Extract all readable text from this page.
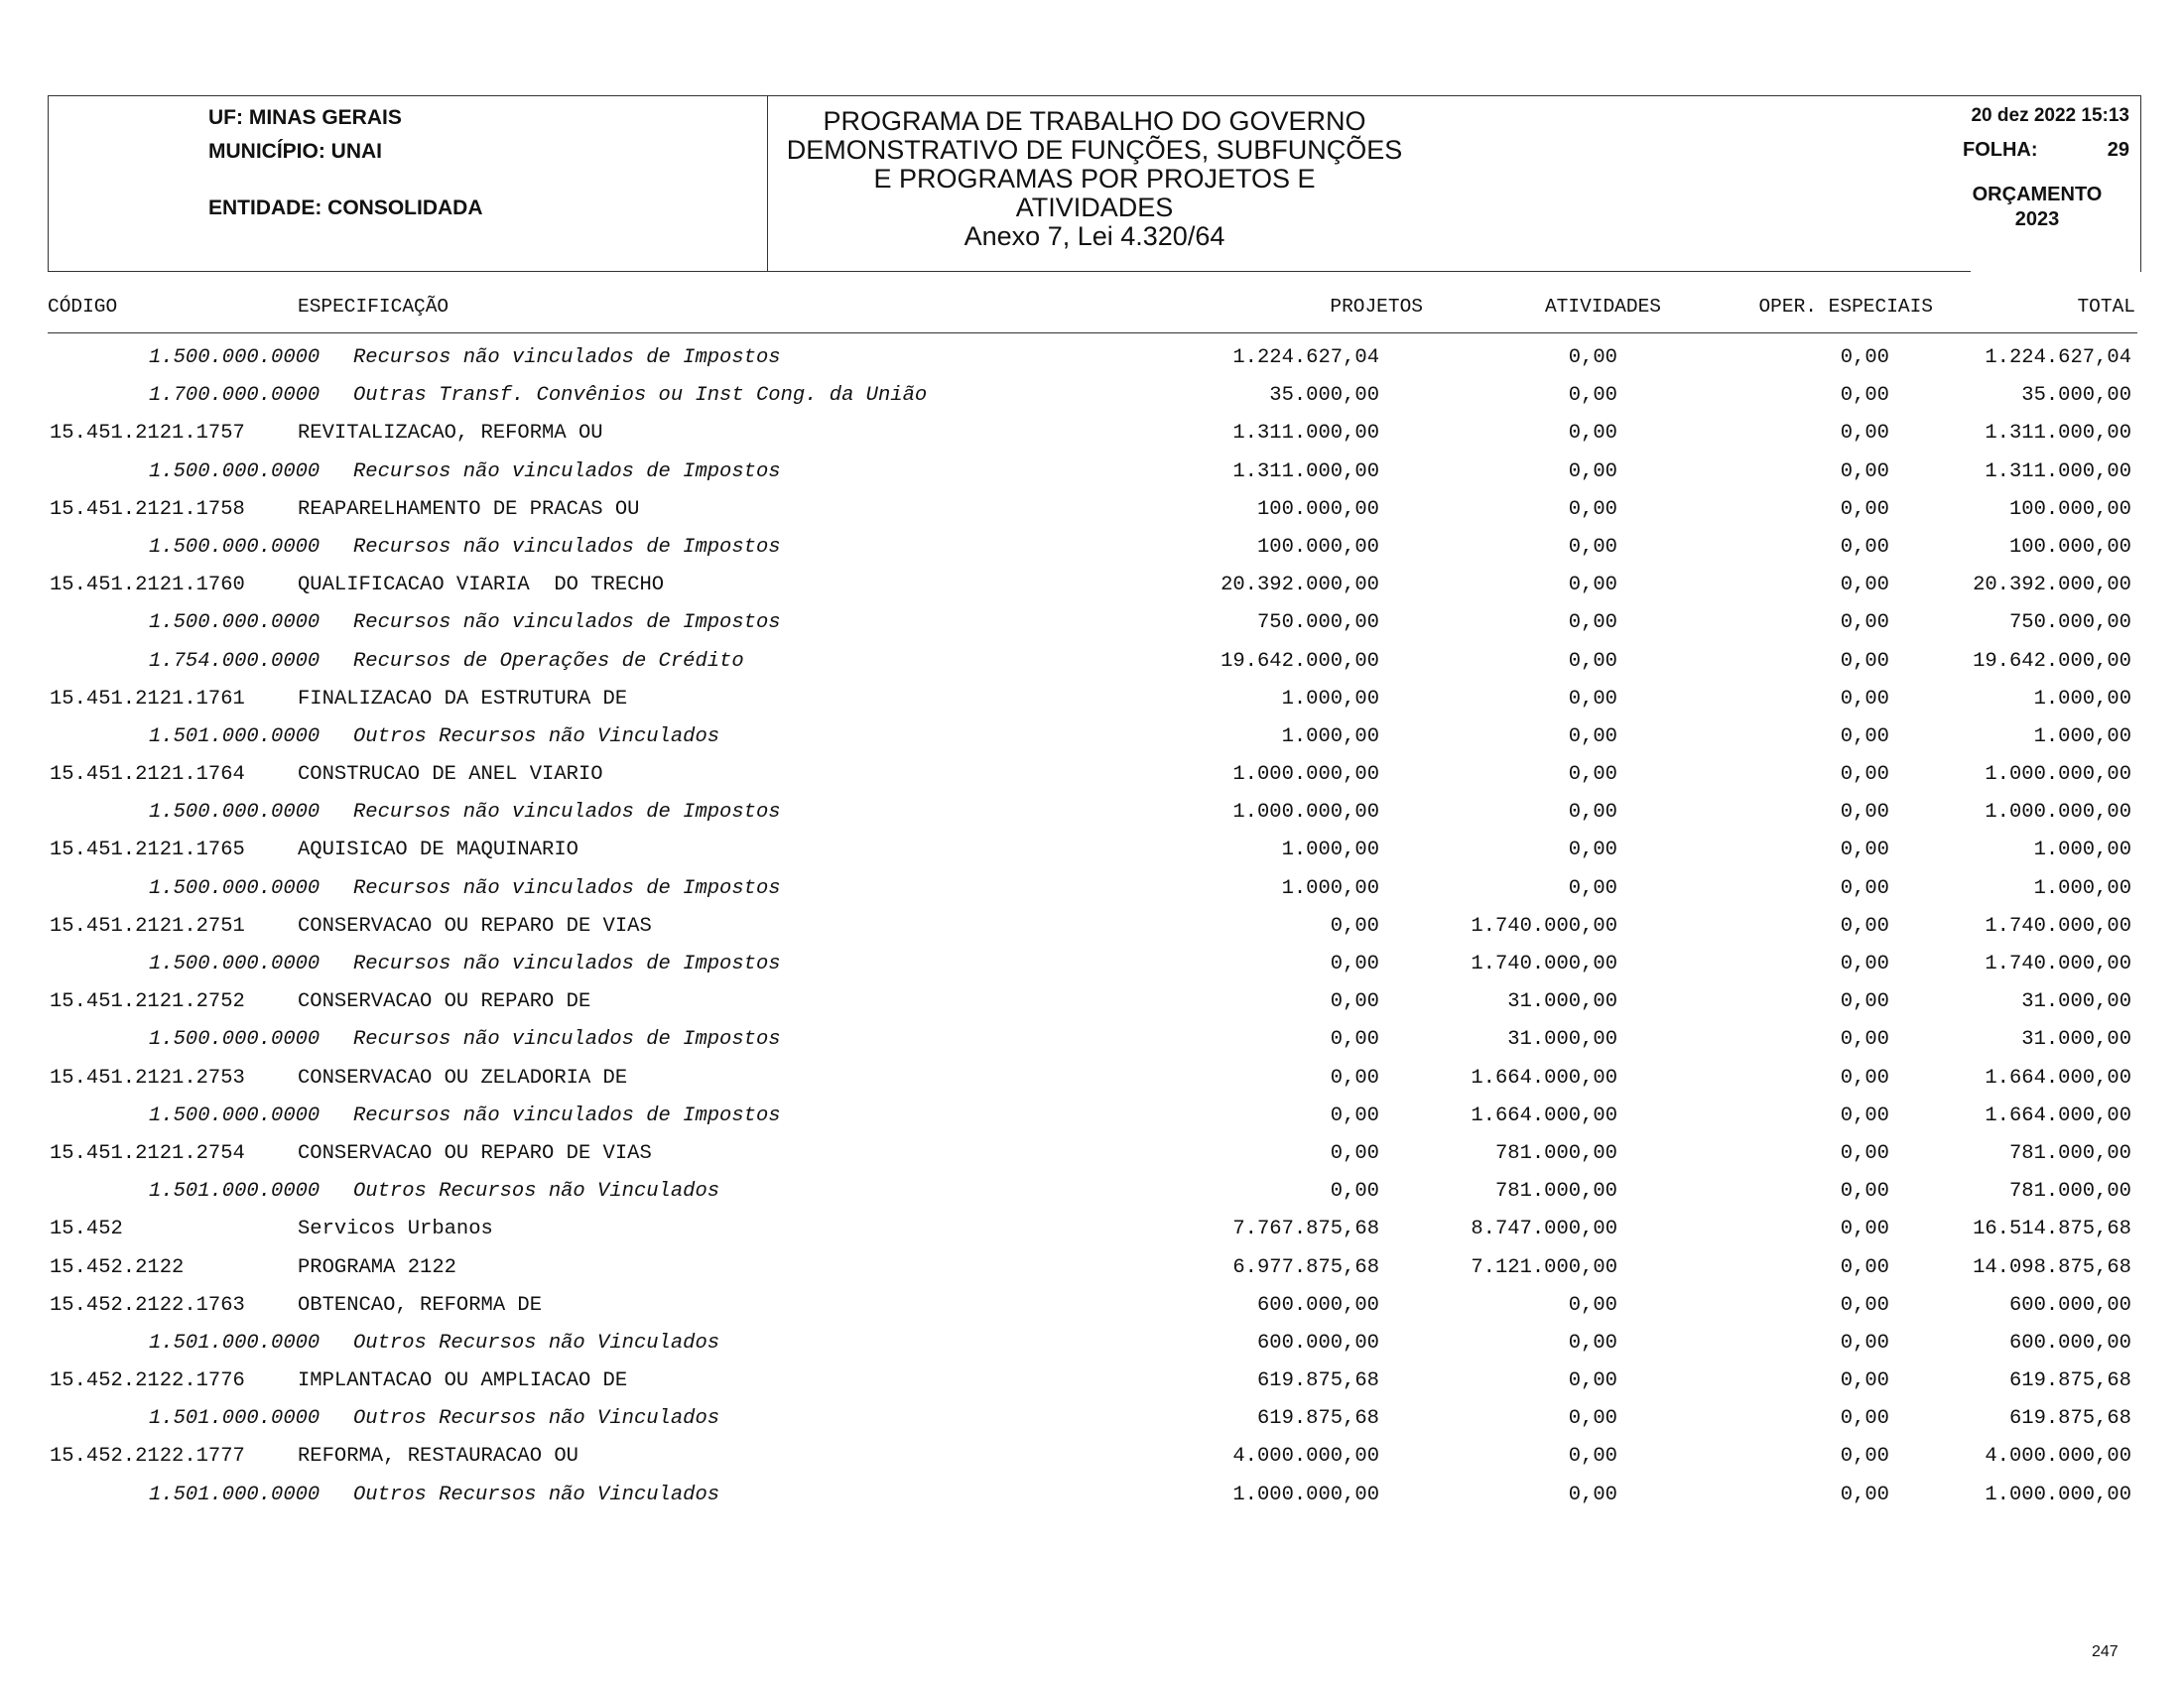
UF: MINAS GERAIS
MUNICÍPIO: UNAI
ENTIDADE: CONSOLIDADA
PROGRAMA DE TRABALHO DO GOVERNO
DEMONSTRATIVO DE FUNÇÕES, SUBFUNÇÕES
E PROGRAMAS POR PROJETOS E
ATIVIDADES
Anexo 7, Lei 4.320/64
20 dez 2022 15:13
FOLHA:	29
ORÇAMENTO
2023
CÓDIGO	ESPECIFICAÇÃO	PROJETOS	ATIVIDADES	OPER. ESPECIAIS	TOTAL
1.500.000.0000 Recursos não vinculados de Impostos	1.224.627,04	0,00	0,00	1.224.627,04
1.700.000.0000 Outras Transf. Convênios ou Inst Cong. da União	35.000,00	0,00	0,00	35.000,00
15.451.2121.1757	REVITALIZACAO, REFORMA OU	1.311.000,00	0,00	0,00	1.311.000,00
1.500.000.0000 Recursos não vinculados de Impostos	1.311.000,00	0,00	0,00	1.311.000,00
15.451.2121.1758	REAPARELHAMENTO DE PRACAS OU	100.000,00	0,00	0,00	100.000,00
1.500.000.0000 Recursos não vinculados de Impostos	100.000,00	0,00	0,00	100.000,00
15.451.2121.1760	QUALIFICACAO VIARIA  DO TRECHO	20.392.000,00	0,00	0,00	20.392.000,00
1.500.000.0000 Recursos não vinculados de Impostos	750.000,00	0,00	0,00	750.000,00
1.754.000.0000 Recursos de Operações de Crédito	19.642.000,00	0,00	0,00	19.642.000,00
15.451.2121.1761	FINALIZACAO DA ESTRUTURA DE	1.000,00	0,00	0,00	1.000,00
1.501.000.0000 Outros Recursos não Vinculados	1.000,00	0,00	0,00	1.000,00
15.451.2121.1764	CONSTRUCAO DE ANEL VIARIO	1.000.000,00	0,00	0,00	1.000.000,00
1.500.000.0000 Recursos não vinculados de Impostos	1.000.000,00	0,00	0,00	1.000.000,00
15.451.2121.1765	AQUISICAO DE MAQUINARIO	1.000,00	0,00	0,00	1.000,00
1.500.000.0000 Recursos não vinculados de Impostos	1.000,00	0,00	0,00	1.000,00
15.451.2121.2751	CONSERVACAO OU REPARO DE VIAS	0,00	1.740.000,00	0,00	1.740.000,00
1.500.000.0000 Recursos não vinculados de Impostos	0,00	1.740.000,00	0,00	1.740.000,00
15.451.2121.2752	CONSERVACAO OU REPARO DE	0,00	31.000,00	0,00	31.000,00
1.500.000.0000 Recursos não vinculados de Impostos	0,00	31.000,00	0,00	31.000,00
15.451.2121.2753	CONSERVACAO OU ZELADORIA DE	0,00	1.664.000,00	0,00	1.664.000,00
1.500.000.0000 Recursos não vinculados de Impostos	0,00	1.664.000,00	0,00	1.664.000,00
15.451.2121.2754	CONSERVACAO OU REPARO DE VIAS	0,00	781.000,00	0,00	781.000,00
1.501.000.0000 Outros Recursos não Vinculados	0,00	781.000,00	0,00	781.000,00
15.452	Servicos Urbanos	7.767.875,68	8.747.000,00	0,00	16.514.875,68
15.452.2122	PROGRAMA 2122	6.977.875,68	7.121.000,00	0,00	14.098.875,68
15.452.2122.1763	OBTENCAO, REFORMA DE	600.000,00	0,00	0,00	600.000,00
1.501.000.0000 Outros Recursos não Vinculados	600.000,00	0,00	0,00	600.000,00
15.452.2122.1776	IMPLANTACAO OU AMPLIACAO DE	619.875,68	0,00	0,00	619.875,68
1.501.000.0000 Outros Recursos não Vinculados	619.875,68	0,00	0,00	619.875,68
15.452.2122.1777	REFORMA, RESTAURACAO OU	4.000.000,00	0,00	0,00	4.000.000,00
1.501.000.0000 Outros Recursos não Vinculados	1.000.000,00	0,00	0,00	1.000.000,00
247
